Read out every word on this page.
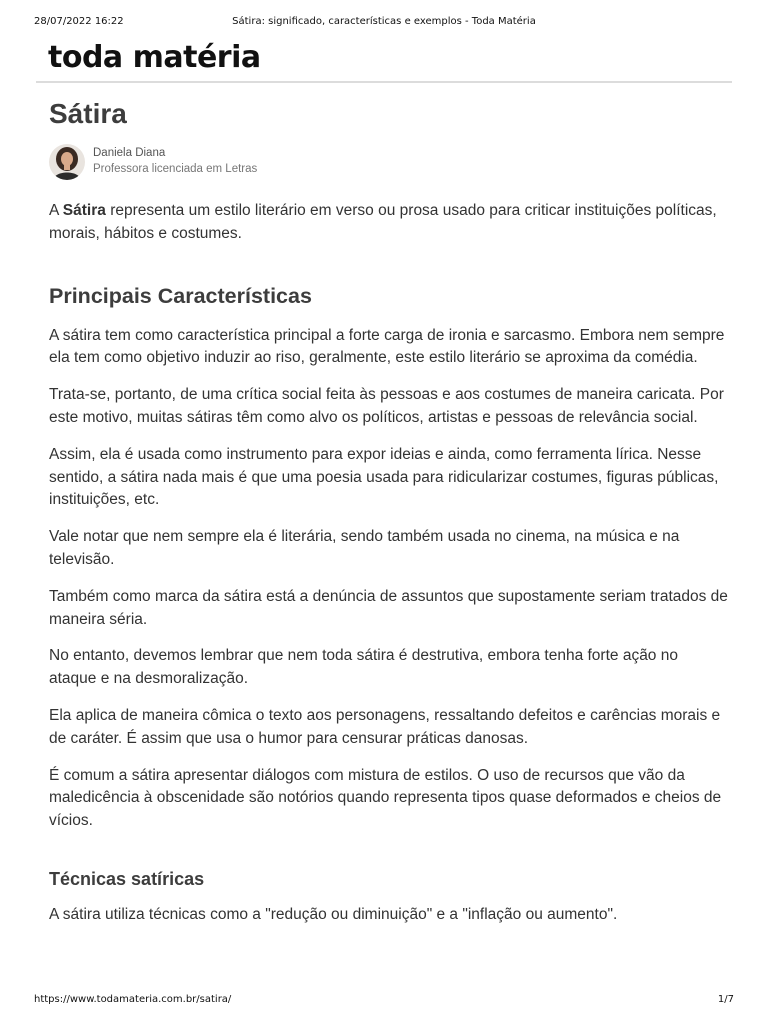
28/07/2022 16:22	Sátira: significado, características e exemplos - Toda Matéria
toda matéria
Sátira
Daniela Diana
Professora licenciada em Letras

A Sátira representa um estilo literário em verso ou prosa usado para criticar instituições políticas, morais, hábitos e costumes.

Principais Características

A sátira tem como característica principal a forte carga de ironia e sarcasmo. Embora nem sempre ela tem como objetivo induzir ao riso, geralmente, este estilo literário se aproxima da comédia.

Trata-se, portanto, de uma crítica social feita às pessoas e aos costumes de maneira caricata. Por este motivo, muitas sátiras têm como alvo os políticos, artistas e pessoas de relevância social.

Assim, ela é usada como instrumento para expor ideias e ainda, como ferramenta lírica. Nesse sentido, a sátira nada mais é que uma poesia usada para ridicularizar costumes, figuras públicas, instituições, etc.

Vale notar que nem sempre ela é literária, sendo também usada no cinema, na música e na televisão.

Também como marca da sátira está a denúncia de assuntos que supostamente seriam tratados de maneira séria.

No entanto, devemos lembrar que nem toda sátira é destrutiva, embora tenha forte ação no ataque e na desmoralização.

Ela aplica de maneira cômica o texto aos personagens, ressaltando defeitos e carências morais e de caráter. É assim que usa o humor para censurar práticas danosas.

É comum a sátira apresentar diálogos com mistura de estilos. O uso de recursos que vão da maledicência à obscenidade são notórios quando representa tipos quase deformados e cheios de vícios.

Técnicas satíricas

A sátira utiliza técnicas como a "redução ou diminuição" e a "inflação ou aumento".

https://www.todamateria.com.br/satira/	1/7
